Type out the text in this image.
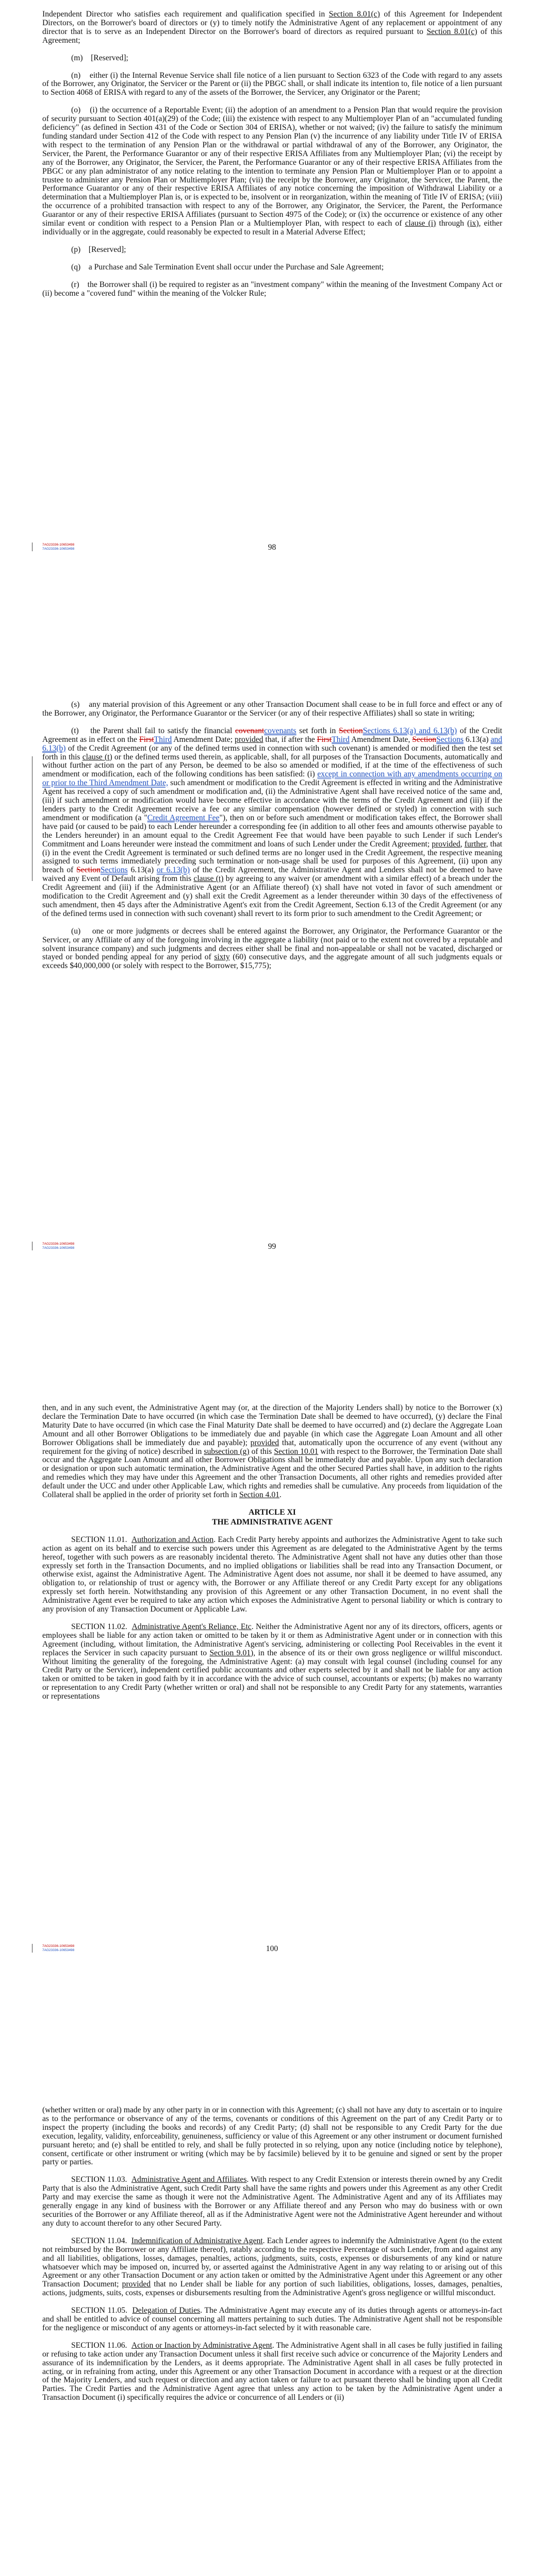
Independent Director who satisfies each requirement and qualification specified in Section 8.01(c) of this Agreement for Independent Directors, on the Borrower's board of directors or (y) to timely notify the Administrative Agent of any replacement or appointment of any director that is to serve as an Independent Director on the Borrower's board of directors as required pursuant to Section 8.01(c) of this Agreement;

(m)    [Reserved];

(n)    either (i) the Internal Revenue Service shall file notice of a lien pursuant to Section 6323 of the Code with regard to any assets of the Borrower, any Originator, the Servicer or the Parent or (ii) the PBGC shall, or shall indicate its intention to, file notice of a lien pursuant to Section 4068 of ERISA with regard to any of the assets of the Borrower, the Servicer, any Originator or the Parent;

(o)    (i) the occurrence of a Reportable Event; (ii) the adoption of an amendment to a Pension Plan that would require the provision of security pursuant to Section 401(a)(29) of the Code; (iii) the existence with respect to any Multiemployer Plan of an "accumulated funding deficiency" (as defined in Section 431 of the Code or Section 304 of ERISA), whether or not waived; (iv) the failure to satisfy the minimum funding standard under Section 412 of the Code with respect to any Pension Plan (v) the incurrence of any liability under Title IV of ERISA with respect to the termination of any Pension Plan or the withdrawal or partial withdrawal of any of the Borrower, any Originator, the Servicer, the Parent, the Performance Guarantor or any of their respective ERISA Affiliates from any Multiemployer Plan; (vi) the receipt by any of the Borrower, any Originator, the Servicer, the Parent, the Performance Guarantor or any of their respective ERISA Affiliates from the PBGC or any plan administrator of any notice relating to the intention to terminate any Pension Plan or Multiemployer Plan or to appoint a trustee to administer any Pension Plan or Multiemployer Plan; (vii) the receipt by the Borrower, any Originator, the Servicer, the Parent, the Performance Guarantor or any of their respective ERISA Affiliates of any notice concerning the imposition of Withdrawal Liability or a determination that a Multiemployer Plan is, or is expected to be, insolvent or in reorganization, within the meaning of Title IV of ERISA; (viii) the occurrence of a prohibited transaction with respect to any of the Borrower, any Originator, the Servicer, the Parent, the Performance Guarantor or any of their respective ERISA Affiliates (pursuant to Section 4975 of the Code); or (ix) the occurrence or existence of any other similar event or condition with respect to a Pension Plan or a Multiemployer Plan, with respect to each of clause (i) through (ix), either individually or in the aggregate, could reasonably be expected to result in a Material Adverse Effect;

(p)    [Reserved];

(q)    a Purchase and Sale Termination Event shall occur under the Purchase and Sale Agreement;

(r)    the Borrower shall (i) be required to register as an "investment company" within the meaning of the Investment Company Act or (ii) become a "covered fund" within the meaning of the Volcker Rule;

7AG23336-10653498
7AG23336-10653498	98

(s)    any material provision of this Agreement or any other Transaction Document shall cease to be in full force and effect or any of the Borrower, any Originator, the Performance Guarantor or the Servicer (or any of their respective Affiliates) shall so state in writing;

(t)    the Parent shall fail to satisfy the financial covenantcovenants set forth in SectionSections 6.13(a) and 6.13(b) of the Credit Agreement as in effect on the FirstThird Amendment Date; provided that, if after the FirstThird Amendment Date, SectionSections 6.13(a) and 6.13(b) of the Credit Agreement (or any of the defined terms used in connection with such covenant) is amended or modified then the test set forth in this clause (t) or the defined terms used therein, as applicable, shall, for all purposes of the Transaction Documents, automatically and without further action on the part of any Person, be deemed to be also so amended or modified, if at the time of the effectiveness of such amendment or modification, each of the following conditions has been satisfied: (i) except in connection with any amendments occurring on or prior to the Third Amendment Date, such amendment or modification to the Credit Agreement is effected in writing and the Administrative Agent has received a copy of such amendment or modification and, (ii) the Administrative Agent shall have received notice of the same and, (iii) if such amendment or modification would have become effective in accordance with the terms of the Credit Agreement and (iii) if the lenders party to the Credit Agreement receive a fee or any similar compensation (however defined or styled) in connection with such amendment or modification (a "Credit Agreement Fee"), then on or before such amendment or modification takes effect, the Borrower shall have paid (or caused to be paid) to each Lender hereunder a corresponding fee (in addition to all other fees and amounts otherwise payable to the Lenders hereunder) in an amount equal to the Credit Agreement Fee that would have been payable to such Lender if such Lender's Commitment and Loans hereunder were instead the commitment and loans of such Lender under the Credit Agreement; provided, further, that (i) in the event the Credit Agreement is terminated or such defined terms are no longer used in the Credit Agreement, the respective meaning assigned to such terms immediately preceding such termination or non-usage shall be used for purposes of this Agreement, (ii) upon any breach of SectionSections 6.13(a) or 6.13(b) of the Credit Agreement, the Administrative Agent and Lenders shall not be deemed to have waived any Event of Default arising from this clause (t) by agreeing to any waiver (or amendment with a similar effect) of a breach under the Credit Agreement and (iii) if the Administrative Agent (or an Affiliate thereof) (x) shall have not voted in favor of such amendment or modification to the Credit Agreement and (y) shall exit the Credit Agreement as a lender thereunder within 30 days of the effectiveness of such amendment, then 45 days after the Administrative Agent's exit from the Credit Agreement, Section 6.13 of the Credit Agreement (or any of the defined terms used in connection with such covenant) shall revert to its form prior to such amendment to the Credit Agreement; or

(u)    one or more judgments or decrees shall be entered against the Borrower, any Originator, the Performance Guarantor or the Servicer, or any Affiliate of any of the foregoing involving in the aggregate a liability (not paid or to the extent not covered by a reputable and solvent insurance company) and such judgments and decrees either shall be final and non-appealable or shall not be vacated, discharged or stayed or bonded pending appeal for any period of sixty (60) consecutive days, and the aggregate amount of all such judgments equals or exceeds $40,000,000 (or solely with respect to the Borrower, $15,775);

7AG23336-10653498
7AG23336-10653498	99

then, and in any such event, the Administrative Agent may (or, at the direction of the Majority Lenders shall) by notice to the Borrower (x) declare the Termination Date to have occurred (in which case the Termination Date shall be deemed to have occurred), (y) declare the Final Maturity Date to have occurred (in which case the Final Maturity Date shall be deemed to have occurred) and (z) declare the Aggregate Loan Amount and all other Borrower Obligations to be immediately due and payable (in which case the Aggregate Loan Amount and all other Borrower Obligations shall be immediately due and payable); provided that, automatically upon the occurrence of any event (without any requirement for the giving of notice) described in subsection (g) of this Section 10.01 with respect to the Borrower, the Termination Date shall occur and the Aggregate Loan Amount and all other Borrower Obligations shall be immediately due and payable. Upon any such declaration or designation or upon such automatic termination, the Administrative Agent and the other Secured Parties shall have, in addition to the rights and remedies which they may have under this Agreement and the other Transaction Documents, all other rights and remedies provided after default under the UCC and under other Applicable Law, which rights and remedies shall be cumulative. Any proceeds from liquidation of the Collateral shall be applied in the order of priority set forth in Section 4.01.

ARTICLE XI

THE ADMINISTRATIVE AGENT

SECTION 11.01.  Authorization and Action. Each Credit Party hereby appoints and authorizes the Administrative Agent to take such action as agent on its behalf and to exercise such powers under this Agreement as are delegated to the Administrative Agent by the terms hereof, together with such powers as are reasonably incidental thereto. The Administrative Agent shall not have any duties other than those expressly set forth in the Transaction Documents, and no implied obligations or liabilities shall be read into any Transaction Document, or otherwise exist, against the Administrative Agent. The Administrative Agent does not assume, nor shall it be deemed to have assumed, any obligation to, or relationship of trust or agency with, the Borrower or any Affiliate thereof or any Credit Party except for any obligations expressly set forth herein. Notwithstanding any provision of this Agreement or any other Transaction Document, in no event shall the Administrative Agent ever be required to take any action which exposes the Administrative Agent to personal liability or which is contrary to any provision of any Transaction Document or Applicable Law.

SECTION 11.02.  Administrative Agent's Reliance, Etc. Neither the Administrative Agent nor any of its directors, officers, agents or employees shall be liable for any action taken or omitted to be taken by it or them as Administrative Agent under or in connection with this Agreement (including, without limitation, the Administrative Agent's servicing, administering or collecting Pool Receivables in the event it replaces the Servicer in such capacity pursuant to Section 9.01), in the absence of its or their own gross negligence or willful misconduct. Without limiting the generality of the foregoing, the Administrative Agent: (a) may consult with legal counsel (including counsel for any Credit Party or the Servicer), independent certified public accountants and other experts selected by it and shall not be liable for any action taken or omitted to be taken in good faith by it in accordance with the advice of such counsel, accountants or experts; (b) makes no warranty or representation to any Credit Party (whether written or oral) and shall not be responsible to any Credit Party for any statements, warranties or representations

7AG23336-10653498
7AG23336-10653498	100

(whether written or oral) made by any other party in or in connection with this Agreement; (c) shall not have any duty to ascertain or to inquire as to the performance or observance of any of the terms, covenants or conditions of this Agreement on the part of any Credit Party or to inspect the property (including the books and records) of any Credit Party; (d) shall not be responsible to any Credit Party for the due execution, legality, validity, enforceability, genuineness, sufficiency or value of this Agreement or any other instrument or document furnished pursuant hereto; and (e) shall be entitled to rely, and shall be fully protected in so relying, upon any notice (including notice by telephone), consent, certificate or other instrument or writing (which may be by facsimile) believed by it to be genuine and signed or sent by the proper party or parties.

SECTION 11.03.  Administrative Agent and Affiliates. With respect to any Credit Extension or interests therein owned by any Credit Party that is also the Administrative Agent, such Credit Party shall have the same rights and powers under this Agreement as any other Credit Party and may exercise the same as though it were not the Administrative Agent. The Administrative Agent and any of its Affiliates may generally engage in any kind of business with the Borrower or any Affiliate thereof and any Person who may do business with or own securities of the Borrower or any Affiliate thereof, all as if the Administrative Agent were not the Administrative Agent hereunder and without any duty to account therefor to any other Secured Party.

SECTION 11.04.  Indemnification of Administrative Agent. Each Lender agrees to indemnify the Administrative Agent (to the extent not reimbursed by the Borrower or any Affiliate thereof), ratably according to the respective Percentage of such Lender, from and against any and all liabilities, obligations, losses, damages, penalties, actions, judgments, suits, costs, expenses or disbursements of any kind or nature whatsoever which may be imposed on, incurred by, or asserted against the Administrative Agent in any way relating to or arising out of this Agreement or any other Transaction Document or any action taken or omitted by the Administrative Agent under this Agreement or any other Transaction Document; provided that no Lender shall be liable for any portion of such liabilities, obligations, losses, damages, penalties, actions, judgments, suits, costs, expenses or disbursements resulting from the Administrative Agent's gross negligence or willful misconduct.

SECTION 11.05.  Delegation of Duties. The Administrative Agent may execute any of its duties through agents or attorneys-in-fact and shall be entitled to advice of counsel concerning all matters pertaining to such duties. The Administrative Agent shall not be responsible for the negligence or misconduct of any agents or attorneys-in-fact selected by it with reasonable care.

SECTION 11.06.  Action or Inaction by Administrative Agent. The Administrative Agent shall in all cases be fully justified in failing or refusing to take action under any Transaction Document unless it shall first receive such advice or concurrence of the Majority Lenders and assurance of its indemnification by the Lenders, as it deems appropriate. The Administrative Agent shall in all cases be fully protected in acting, or in refraining from acting, under this Agreement or any other Transaction Document in accordance with a request or at the direction of the Majority Lenders, and such request or direction and any action taken or failure to act pursuant thereto shall be binding upon all Credit Parties. The Credit Parties and the Administrative Agent agree that unless any action to be taken by the Administrative Agent under a Transaction Document (i) specifically requires the advice or concurrence of all Lenders or (ii)
